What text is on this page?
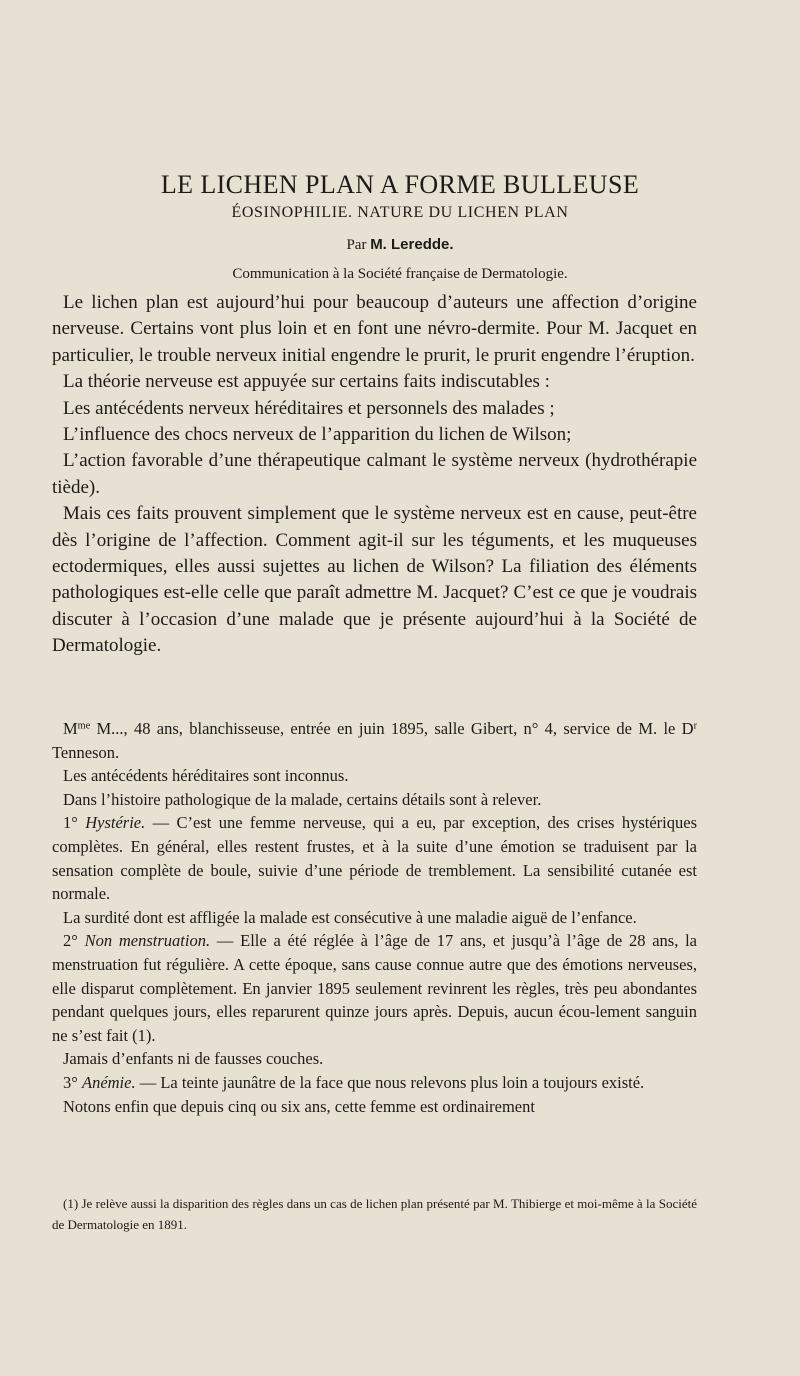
LE LICHEN PLAN A FORME BULLEUSE
ÉOSINOPHILIE. NATURE DU LICHEN PLAN
Par M. Leredde.
Communication à la Société française de Dermatologie.

Le lichen plan est aujourd’hui pour beaucoup d’auteurs une affection d’origine nerveuse. Certains vont plus loin et en font une névro-dermite. Pour M. Jacquet en particulier, le trouble nerveux initial engendre le prurit, le prurit engendre l’éruption.

La théorie nerveuse est appuyée sur certains faits indiscutables :

Les antécédents nerveux héréditaires et personnels des malades ;

L’influence des chocs nerveux de l’apparition du lichen de Wilson;

L’action favorable d’une thérapeutique calmant le système nerveux (hydrothérapie tiède).

Mais ces faits prouvent simplement que le système nerveux est en cause, peut-être dès l’origine de l’affection. Comment agit-il sur les téguments, et les muqueuses ectodermiques, elles aussi sujettes au lichen de Wilson? La filiation des éléments pathologiques est-elle celle que paraît admettre M. Jacquet? C’est ce que je voudrais discuter à l’occasion d’une malade que je présente aujourd’hui à la Société de Dermatologie.

$M^{me}$ M..., 48 ans, blanchisseuse, entrée en juin 1895, salle Gibert, n° 4, service de M. le $D^r$ Tenneson.

Les antécédents héréditaires sont inconnus.

Dans l’histoire pathologique de la malade, certains détails sont à relever.

1° Hystérie. — C’est une femme nerveuse, qui a eu, par exception, des crises hystériques complètes. En général, elles restent frustes, et à la suite d’une émotion se traduisent par la sensation complète de boule, suivie d’une période de tremblement. La sensibilité cutanée est normale.

La surdité dont est affligée la malade est consécutive à une maladie aiguë de l’enfance.

2° Non menstruation. — Elle a été réglée à l’âge de 17 ans, et jusqu’à l’âge de 28 ans, la menstruation fut régulière. A cette époque, sans cause connue autre que des émotions nerveuses, elle disparut complètement. En janvier 1895 seulement revinrent les règles, très peu abondantes pendant quelques jours, elles reparurent quinze jours après. Depuis, aucun écou-lement sanguin ne s’est fait (1).

Jamais d’enfants ni de fausses couches.

3° Anémie. — La teinte jaunâtre de la face que nous relevons plus loin a toujours existé.

Notons enfin que depuis cinq ou six ans, cette femme est ordinairement

(1) Je relève aussi la disparition des règles dans un cas de lichen plan présenté par M. Thibierge et moi-même à la Société de Dermatologie en 1891.
